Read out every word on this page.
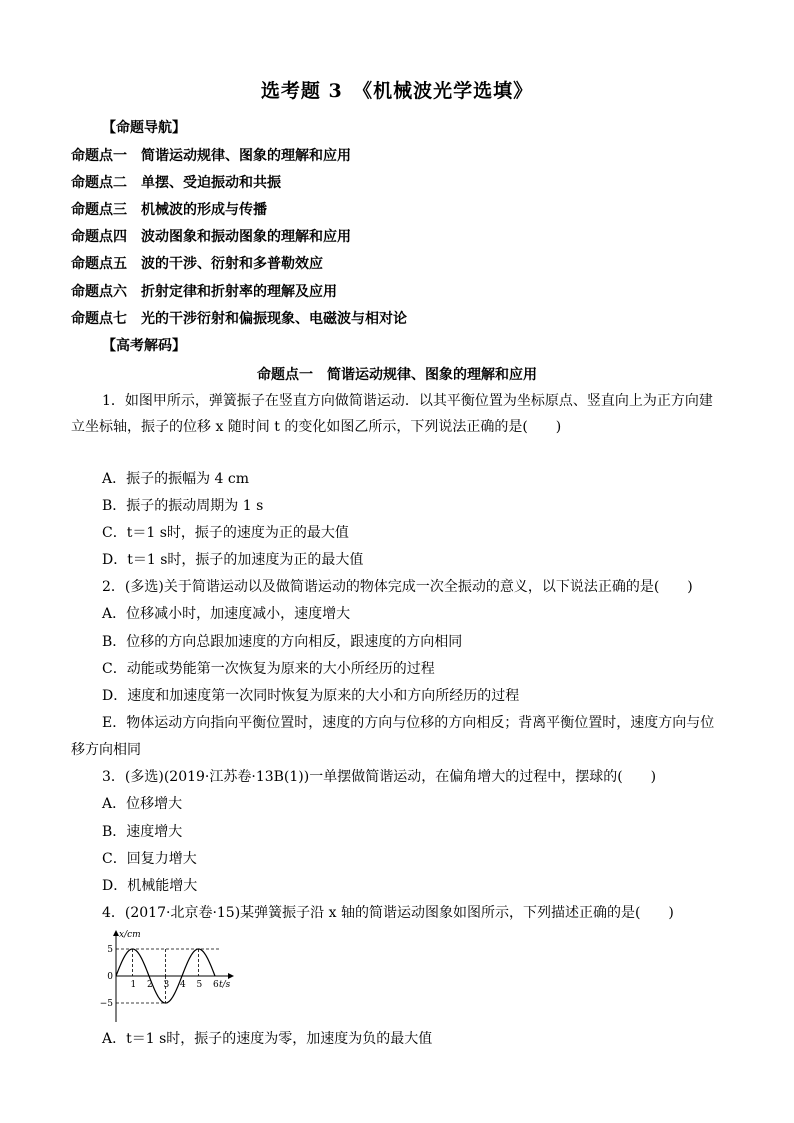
选考题 3　《机械波光学选填》
【命题导航】
命题点一  简谐运动规律、图象的理解和应用
命题点二  单摆、受迫振动和共振
命题点三  机械波的形成与传播
命题点四  波动图象和振动图象的理解和应用
命题点五  波的干涉、衍射和多普勒效应
命题点六  折射定律和折射率的理解及应用
命题点七  光的干涉衍射和偏振现象、电磁波与相对论
【高考解码】
命题点一　简谐运动规律、图象的理解和应用
1．如图甲所示，弹簧振子在竖直方向做简谐运动．以其平衡位置为坐标原点、竖直向上为正方向建
立坐标轴，振子的位移 x 随时间 t 的变化如图乙所示，下列说法正确的是(　　)
A．振子的振幅为 4 cm
B．振子的振动周期为 1 s
C．t＝1 s时，振子的速度为正的最大值
D．t＝1 s时，振子的加速度为正的最大值
2．(多选)关于简谐运动以及做简谐运动的物体完成一次全振动的意义，以下说法正确的是(　　)
A．位移减小时，加速度减小，速度增大
B．位移的方向总跟加速度的方向相反，跟速度的方向相同
C．动能或势能第一次恢复为原来的大小所经历的过程
D．速度和加速度第一次同时恢复为原来的大小和方向所经历的过程
E．物体运动方向指向平衡位置时，速度的方向与位移的方向相反；背离平衡位置时，速度方向与位
移方向相同
3．(多选)(2019·江苏卷·13B(1))一单摆做简谐运动，在偏角增大的过程中，摆球的(　　)
A．位移增大
B．速度增大
C．回复力增大
D．机械能增大
4．(2017·北京卷·15)某弹簧振子沿 x 轴的简谐运动图象如图所示，下列描述正确的是(　　)
1 2 3 4 5 6
5
0
−5
x/cm
t/s
A．t＝1 s时，振子的速度为零，加速度为负的最大值
